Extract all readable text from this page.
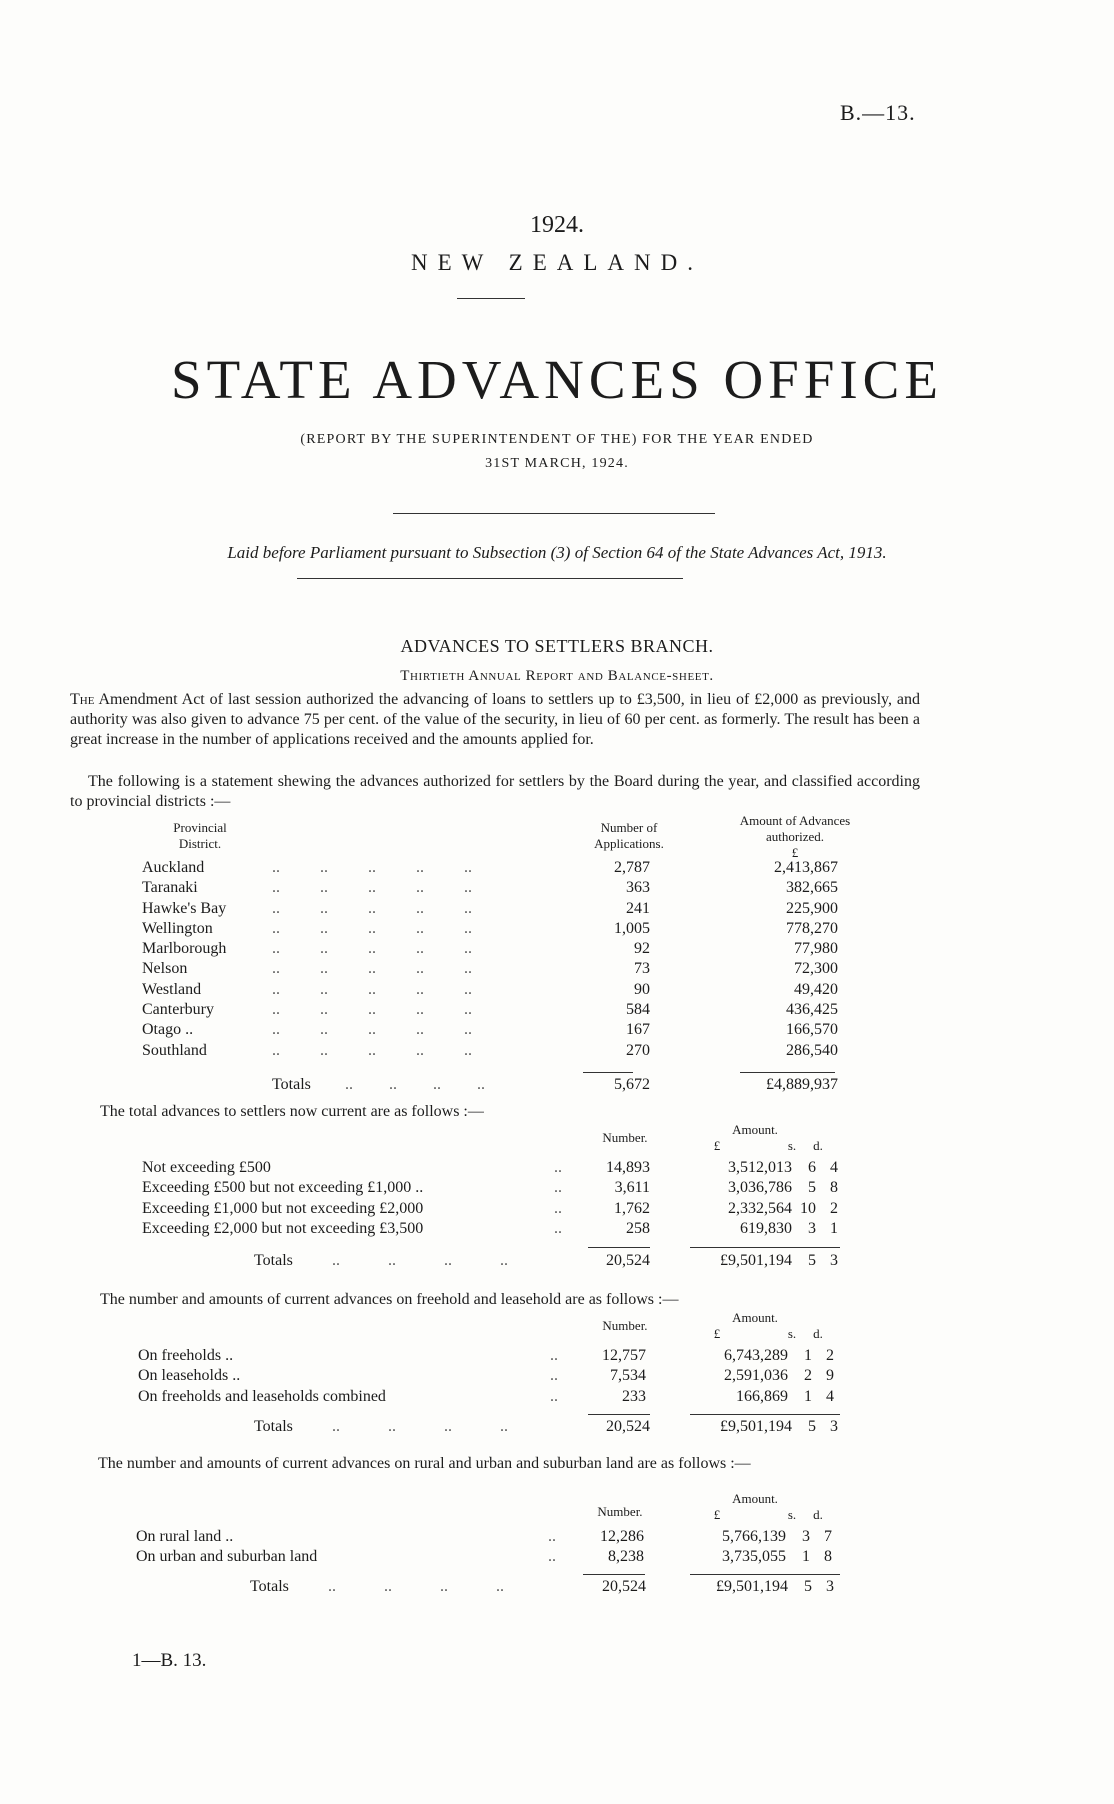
B.—13.
1924.
NEW ZEALAND.
STATE ADVANCES OFFICE
(REPORT BY THE SUPERINTENDENT OF THE) FOR THE YEAR ENDED
31ST MARCH, 1924.
Laid before Parliament pursuant to Subsection (3) of Section 64 of the State Advances Act, 1913.
ADVANCES TO SETTLERS BRANCH.
Thirtieth Annual Report and Balance-sheet.
The Amendment Act of last session authorized the advancing of loans to settlers up to £3,500, in lieu of £2,000 as previously, and authority was also given to advance 75 per cent. of the value of the security, in lieu of 60 per cent. as formerly. The result has been a great increase in the number of applications received and the amounts applied for.
The following is a statement shewing the advances authorized for settlers by the Board during the year, and classified according to provincial districts :—
Provincial
District.
Number of
Applications.
Amount of Advances
authorized.
£
Auckland	..   ..   ..   ..   ..	2,787	2,413,867
Taranaki	..   ..   ..   ..   ..	363	382,665
Hawke's Bay	..   ..   ..   ..   ..	241	225,900
Wellington	..   ..   ..   ..   ..	1,005	778,270
Marlborough	..   ..   ..   ..   ..	92	77,980
Nelson	..   ..   ..   ..   ..	73	72,300
Westland	..   ..   ..   ..   ..	90	49,420
Canterbury	..   ..   ..   ..   ..	584	436,425
Otago ..	..   ..   ..   ..   ..	167	166,570
Southland	..   ..   ..   ..   ..	270	286,540
Totals ..         ..         ..         ..	5,672	£4,889,937
The total advances to settlers now current are as follows :—
Number.
Amount.
£	s.	d.
Not exceeding £500	..	14,893	3,512,013	6 4
Exceeding £500 but not exceeding £1,000 ..	..	3,611	3,036,786	5 8
Exceeding £1,000 but not exceeding £2,000	..	1,762	2,332,564 10 2
Exceeding £2,000 but not exceeding £3,500	..	258	619,830	3 1
Totals ..    ..    ..    ..	20,524	£9,501,194	5 3
The number and amounts of current advances on freehold and leasehold are as follows :—
Number.
Amount.
£	s.	d.
On freeholds ..	..	12,757	6,743,289	1 2
On leaseholds ..	..	7,534	2,591,036	2 9
On freeholds and leaseholds combined	..	233	166,869	1 4
Totals ..    ..    ..    ..	20,524	£9,501,194	5 3
The number and amounts of current advances on rural and urban and suburban land are as follows :—
Number.
Amount.
£	s.	d.
On rural land ..	..	12,286	5,766,139	3 7
On urban and suburban land	..	8,238	3,735,055	1 8
Totals ..    ..    ..    ..	20,524	£9,501,194	5 3
1—B. 13.
